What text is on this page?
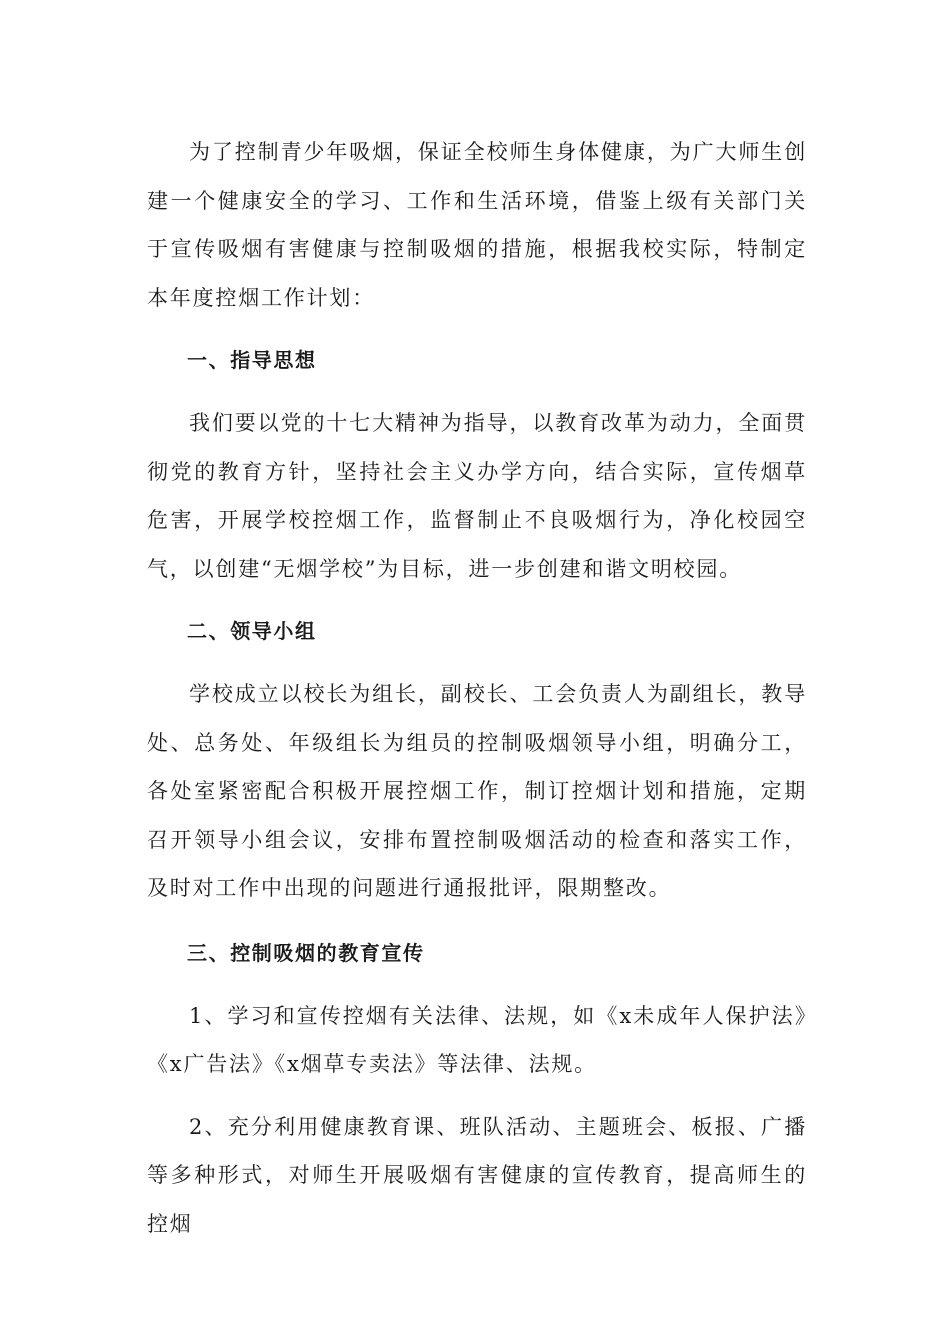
为了控制青少年吸烟，保证全校师生身体健康，为广大师生创建一个健康安全的学习、工作和生活环境，借鉴上级有关部门关于宣传吸烟有害健康与控制吸烟的措施，根据我校实际，特制定本年度控烟工作计划：

一、指导思想

我们要以党的十七大精神为指导，以教育改革为动力，全面贯彻党的教育方针，坚持社会主义办学方向，结合实际，宣传烟草危害，开展学校控烟工作，监督制止不良吸烟行为，净化校园空气，以创建“无烟学校”为目标，进一步创建和谐文明校园。

二、领导小组

学校成立以校长为组长，副校长、工会负责人为副组长，教导处、总务处、年级组长为组员的控制吸烟领导小组，明确分工，各处室紧密配合积极开展控烟工作，制订控烟计划和措施，定期召开领导小组会议，安排布置控制吸烟活动的检查和落实工作，及时对工作中出现的问题进行通报批评，限期整改。

三、控制吸烟的教育宣传

1、学习和宣传控烟有关法律、法规，如《x未成年人保护法》《x广告法》《x烟草专卖法》等法律、法规。

2、充分利用健康教育课、班队活动、主题班会、板报、广播等多种形式，对师生开展吸烟有害健康的宣传教育，提高师生的控烟
